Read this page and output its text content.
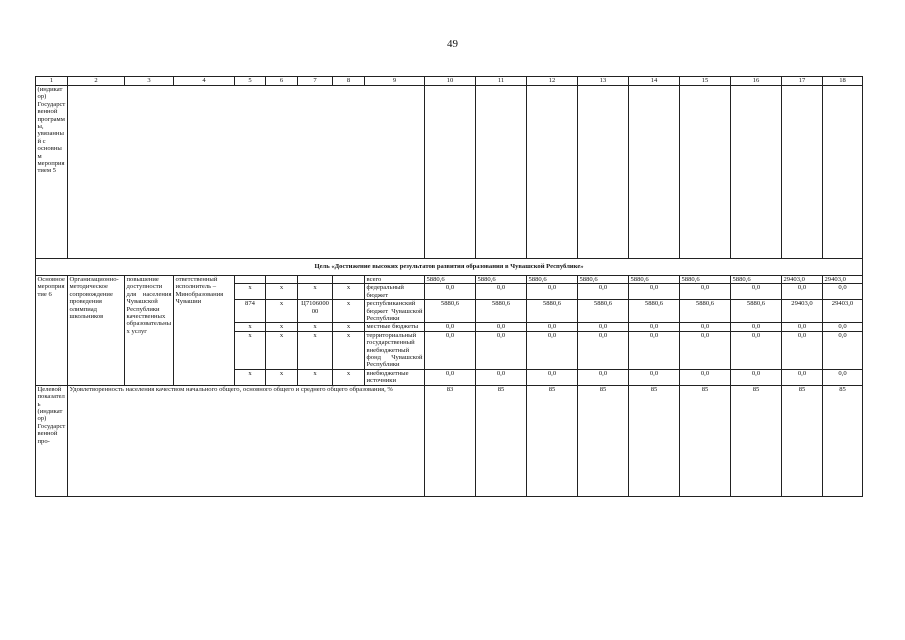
49
1	2	3	4	5	6	7	8	9	10	11	12	13	14	15	16	17	18
(индикатор) Государственной программы, увязанный с основным мероприятием 5																	
Цель «Достижение высоких результатов развития образования в Чувашской Республике»																	
Основное мероприятие 6	Организационно-методическое сопровождение проведения олимпиад школьников	повышение доступности для населения Чувашской Республики качественных образовательных услуг	ответственный исполнитель – Минобразования Чувашии					всего	5880,6	5880,6	5880,6	5880,6	5880,6	5880,6	5880,6	29403,0	29403,0
				x	x	x	x	федеральный бюджет	0,0	0,0	0,0	0,0	0,0	0,0	0,0	0,0	0,0
				874	x	Ц710600000	x	республиканский бюджет Чувашской Республики	5880,6	5880,6	5880,6	5880,6	5880,6	5880,6	5880,6	29403,0	29403,0
				x	x	x	x	местные бюджеты	0,0	0,0	0,0	0,0	0,0	0,0	0,0	0,0	0,0
				x	x	x	x	территориальный государственный внебюджетный фонд Чувашской Республики	0,0	0,0	0,0	0,0	0,0	0,0	0,0	0,0	0,0
				x	x	x	x	внебюджетные источники	0,0	0,0	0,0	0,0	0,0	0,0	0,0	0,0	0,0
Целевой показатель (индикатор) Государственной про-	Удовлетворенность населения качеством начального общего, основного общего и среднего общего образования, %								83	85	85	85	85	85	85	85	85
